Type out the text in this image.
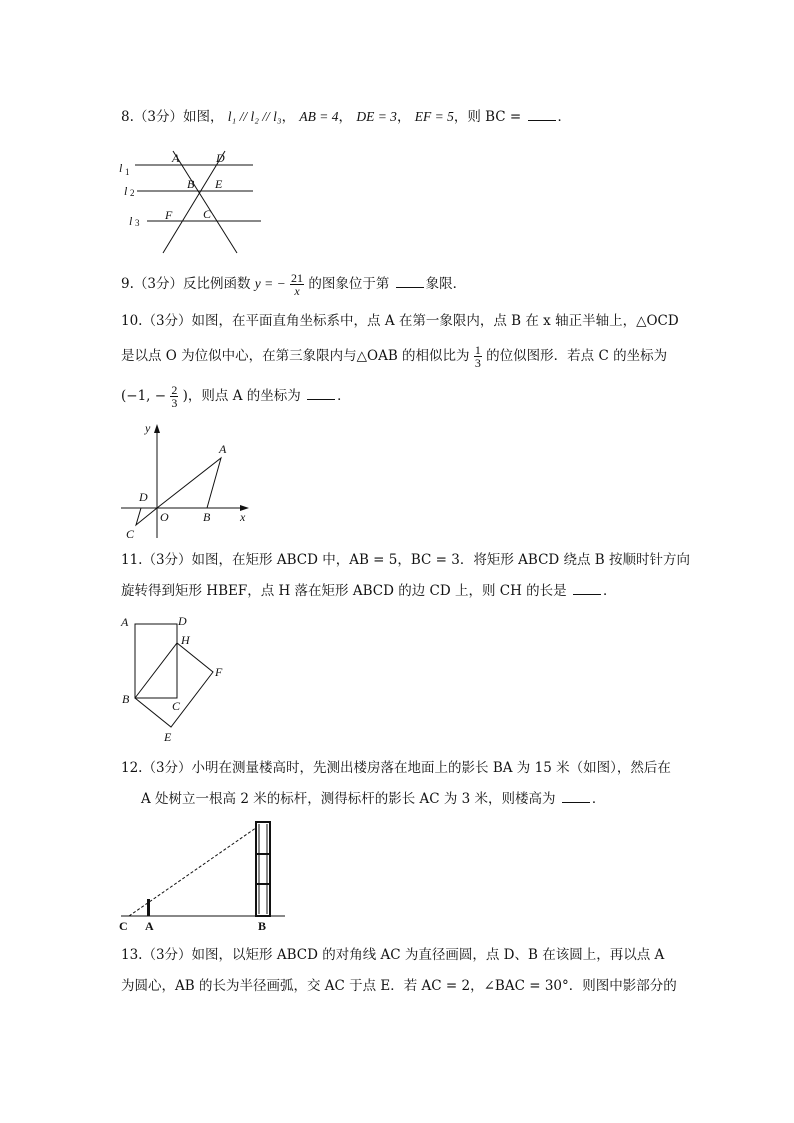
8.（3分）如图， l₁ // l₂ // l₃， AB = 4， DE = 3， EF = 5，则 BC =	．
l 1
l 2
l 3
A	D
B E
F	C
9.（3分）反比例函数 y = − $\frac{21}{x}$ 的图象位于第	象限．
10.（3分）如图，在平面直角坐标系中，点 A 在第一象限内，点 B 在 x 轴正半轴上，△OCD
是以点 O 为位似中心，在第三象限内与△OAB 的相似比为 $\frac{1}{3}$ 的位似图形．若点 C 的坐标为
(−1, − $\frac{2}{3}$ )，则点 A 的坐标为	．
y
x
A
D
O	B
C
11.（3分）如图，在矩形 ABCD 中，AB = 5，BC = 3．将矩形 ABCD 绕点 B 按顺时针方向
旋转得到矩形 HBEF，点 H 落在矩形 ABCD 的边 CD 上，则 CH 的长是	．
A	D
H
F
B	C
E
12.（3分）小明在测量楼高时，先测出楼房落在地面上的影长 BA 为 15 米（如图），然后在
A 处树立一根高 2 米的标杆，测得标杆的影长 AC 为 3 米，则楼高为	．
C A	B
13.（3分）如图，以矩形 ABCD 的对角线 AC 为直径画圆，点 D、B 在该圆上，再以点 A
为圆心，AB 的长为半径画弧，交 AC 于点 E．若 AC = 2，∠BAC = 30°．则图中影部分的
